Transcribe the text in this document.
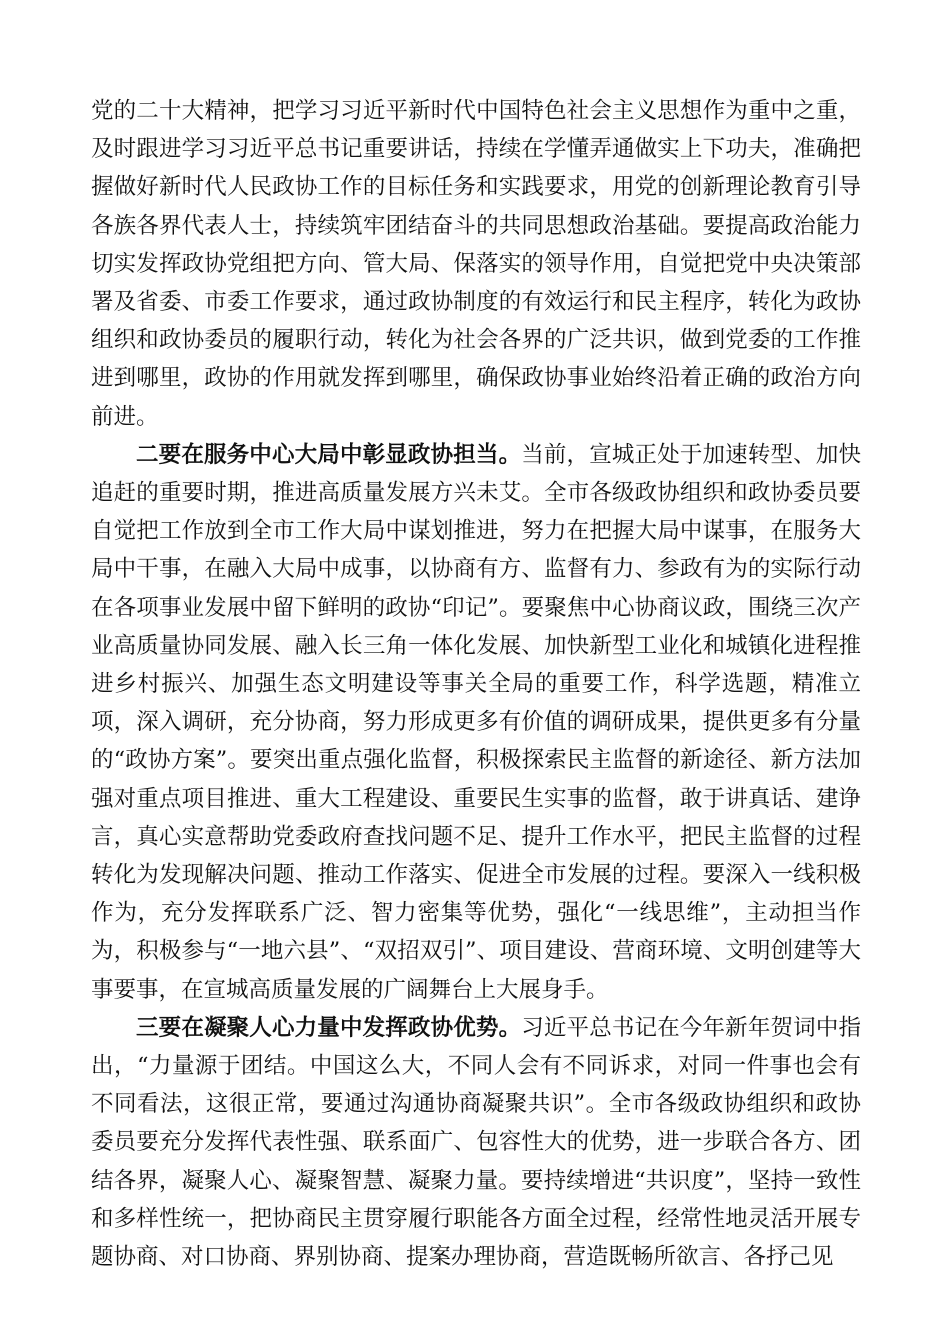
党的二十大精神，把学习习近平新时代中国特色社会主义思想作为重中之重，及时跟进学习习近平总书记重要讲话，持续在学懂弄通做实上下功夫，准确把握做好新时代人民政协工作的目标任务和实践要求，用党的创新理论教育引导各族各界代表人士，持续筑牢团结奋斗的共同思想政治基础。要提高政治能力切实发挥政协党组把方向、管大局、保落实的领导作用，自觉把党中央决策部署及省委、市委工作要求，通过政协制度的有效运行和民主程序，转化为政协组织和政协委员的履职行动，转化为社会各界的广泛共识，做到党委的工作推进到哪里，政协的作用就发挥到哪里，确保政协事业始终沿着正确的政治方向前进。

二要在服务中心大局中彰显政协担当。当前，宣城正处于加速转型、加快追赶的重要时期，推进高质量发展方兴未艾。全市各级政协组织和政协委员要自觉把工作放到全市工作大局中谋划推进，努力在把握大局中谋事，在服务大局中干事，在融入大局中成事，以协商有方、监督有力、参政有为的实际行动在各项事业发展中留下鲜明的政协“印记”。要聚焦中心协商议政，围绕三次产业高质量协同发展、融入长三角一体化发展、加快新型工业化和城镇化进程推进乡村振兴、加强生态文明建设等事关全局的重要工作，科学选题，精准立项，深入调研，充分协商，努力形成更多有价值的调研成果，提供更多有分量的“政协方案”。要突出重点强化监督，积极探索民主监督的新途径、新方法加强对重点项目推进、重大工程建设、重要民生实事的监督，敢于讲真话、建诤言，真心实意帮助党委政府查找问题不足、提升工作水平，把民主监督的过程转化为发现解决问题、推动工作落实、促进全市发展的过程。要深入一线积极作为，充分发挥联系广泛、智力密集等优势，强化“一线思维”，主动担当作为，积极参与“一地六县”、“双招双引”、项目建设、营商环境、文明创建等大事要事，在宣城高质量发展的广阔舞台上大展身手。

三要在凝聚人心力量中发挥政协优势。习近平总书记在今年新年贺词中指出，“力量源于团结。中国这么大，不同人会有不同诉求，对同一件事也会有不同看法，这很正常，要通过沟通协商凝聚共识”。全市各级政协组织和政协委员要充分发挥代表性强、联系面广、包容性大的优势，进一步联合各方、团结各界，凝聚人心、凝聚智慧、凝聚力量。要持续增进“共识度”，坚持一致性和多样性统一，把协商民主贯穿履行职能各方面全过程，经常性地灵活开展专题协商、对口协商、界别协商、提案办理协商，营造既畅所欲言、各抒己见
